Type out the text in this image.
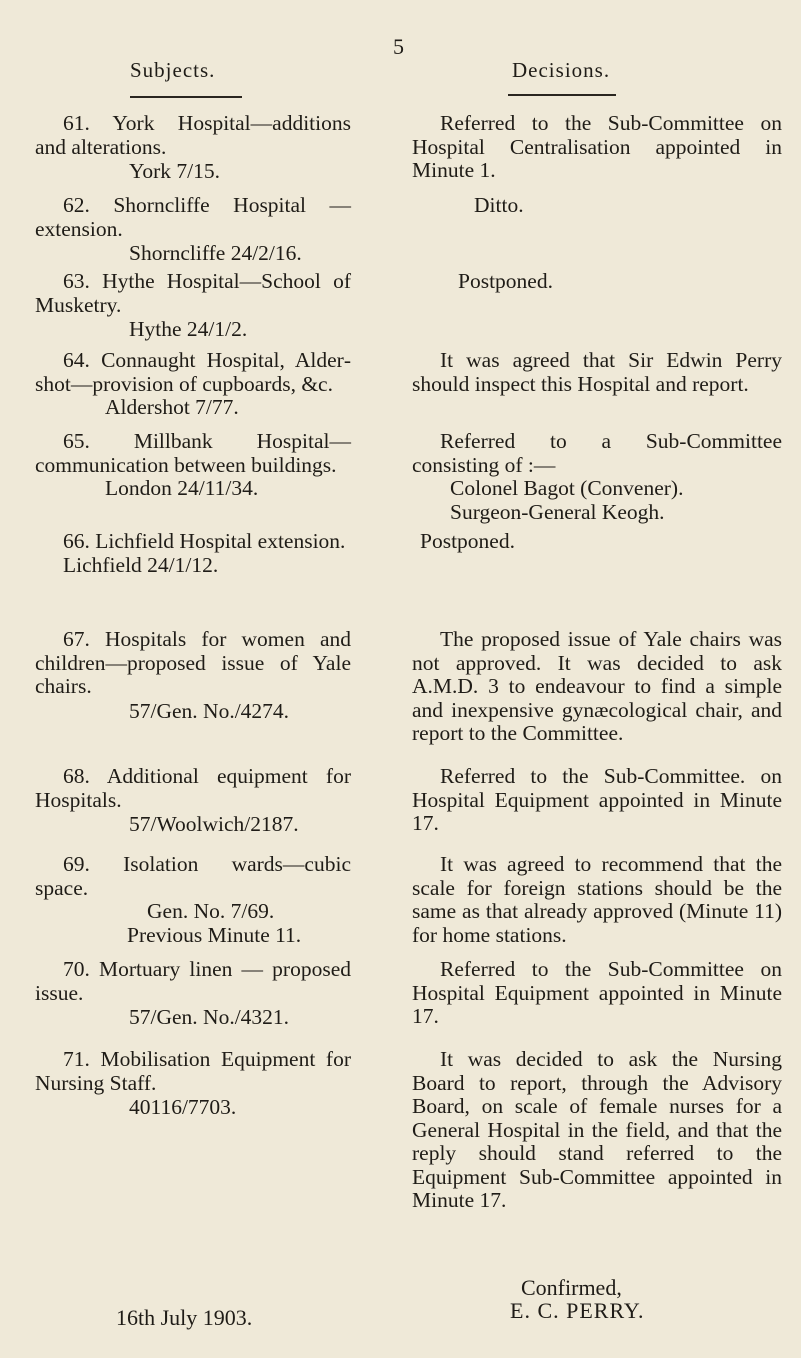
5
Subjects.	Decisions.
61. York Hospital—additions and alterations.
York 7/15.
Referred to the Sub-Committee on Hospital Centralisation appointed in Minute 1.
62. Shorncliffe Hospital — extension.
Shorncliffe 24/2/16.
Ditto.
63. Hythe Hospital—School of Musketry.
Hythe 24/1/2.
Postponed.
64. Connaught Hospital, Aldershot—provision of cupboards, &c.
Aldershot 7/77.
It was agreed that Sir Edwin Perry should inspect this Hospital and report.
65. Millbank Hospital—communication between buildings.
London 24/11/34.
Referred to a Sub-Committee consisting of :—
Colonel Bagot (Convener).
Surgeon-General Keogh.
66. Lichfield Hospital extension.
Lichfield 24/1/12.
Postponed.
67. Hospitals for women and children—proposed issue of Yale chairs.
57/Gen. No./4274.
The proposed issue of Yale chairs was not approved. It was decided to ask A.M.D. 3 to endeavour to find a simple and inexpensive gynæcological chair, and report to the Committee.
68. Additional equipment for Hospitals.
57/Woolwich/2187.
Referred to the Sub-Committee. on Hospital Equipment appointed in Minute 17.
69. Isolation wards—cubic space.
Gen. No. 7/69.
Previous Minute 11.
It was agreed to recommend that the scale for foreign stations should be the same as that already approved (Minute 11) for home stations.
70. Mortuary linen — proposed issue.
57/Gen. No./4321.
Referred to the Sub-Committee on Hospital Equipment appointed in Minute 17.
71. Mobilisation Equipment for Nursing Staff.
40116/7703.
It was decided to ask the Nursing Board to report, through the Advisory Board, on scale of female nurses for a General Hospital in the field, and that the reply should stand referred to the Equipment Sub-Committee appointed in Minute 17.
16th July 1903.
Confirmed,
E. C. PERRY.
